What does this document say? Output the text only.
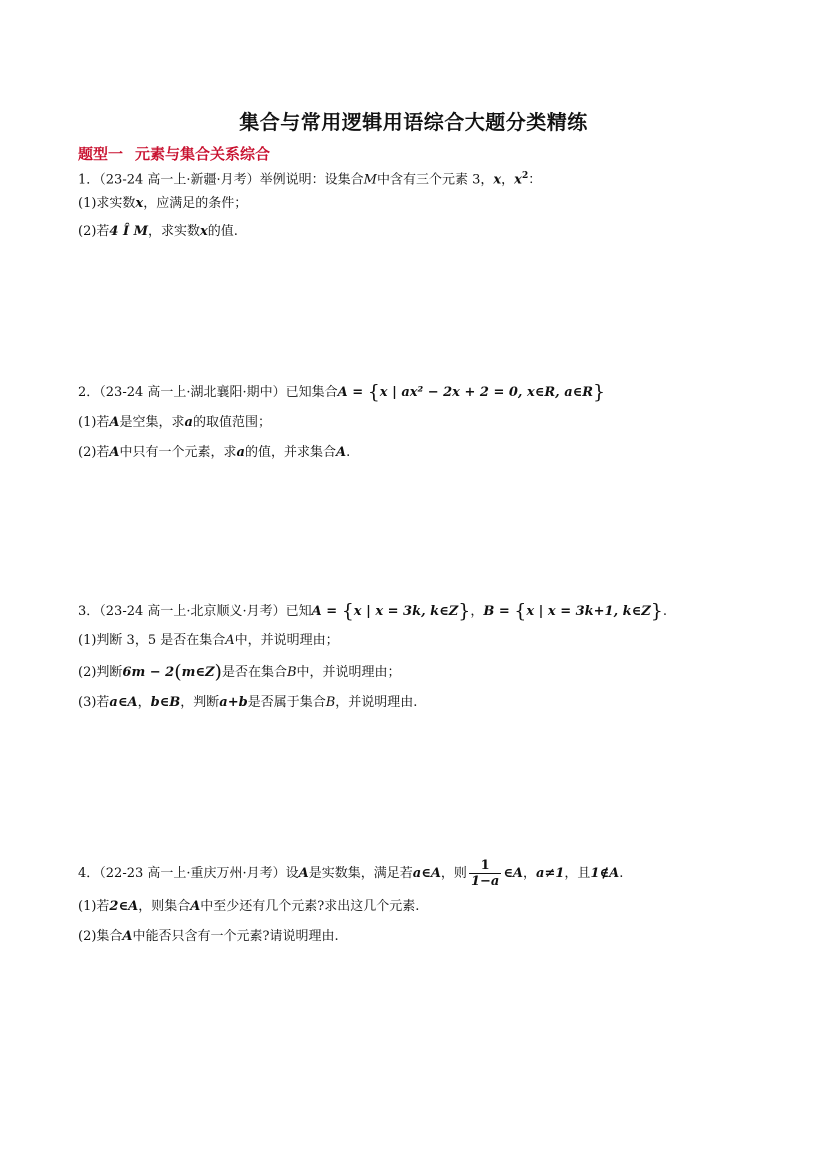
集合与常用逻辑用语综合大题分类精练
题型一 元素与集合关系综合
1．（23-24 高一上·新疆·月考）举例说明：设集合M中含有三个元素 3，x，$x^2$：
(1)求实数x，应满足的条件；
(2)若4 Î M，求实数x的值.
2．（23-24 高一上·湖北襄阳·期中）已知集合A = {x | ax² − 2x + 2 = 0, x∈R, a∈R}
(1)若A是空集，求a的取值范围；
(2)若A中只有一个元素，求a的值，并求集合A.
3．（23-24 高一上·北京顺义·月考）已知A = {x | x = 3k, k∈Z}，B = {x | x = 3k+1, k∈Z}.
(1)判断 3，5 是否在集合A中，并说明理由；
(2)判断6m − 2(m∈Z)是否在集合B中，并说明理由；
(3)若a∈A，b∈B，判断a+b是否属于集合B，并说明理由.
4．（22-23 高一上·重庆万州·月考）设A是实数集，满足若a∈A，则 $\frac{1}{1-a}$ ∈A，a≠1，且1∉A.
(1)若2∈A，则集合A中至少还有几个元素?求出这几个元素.
(2)集合A中能否只含有一个元素?请说明理由.
